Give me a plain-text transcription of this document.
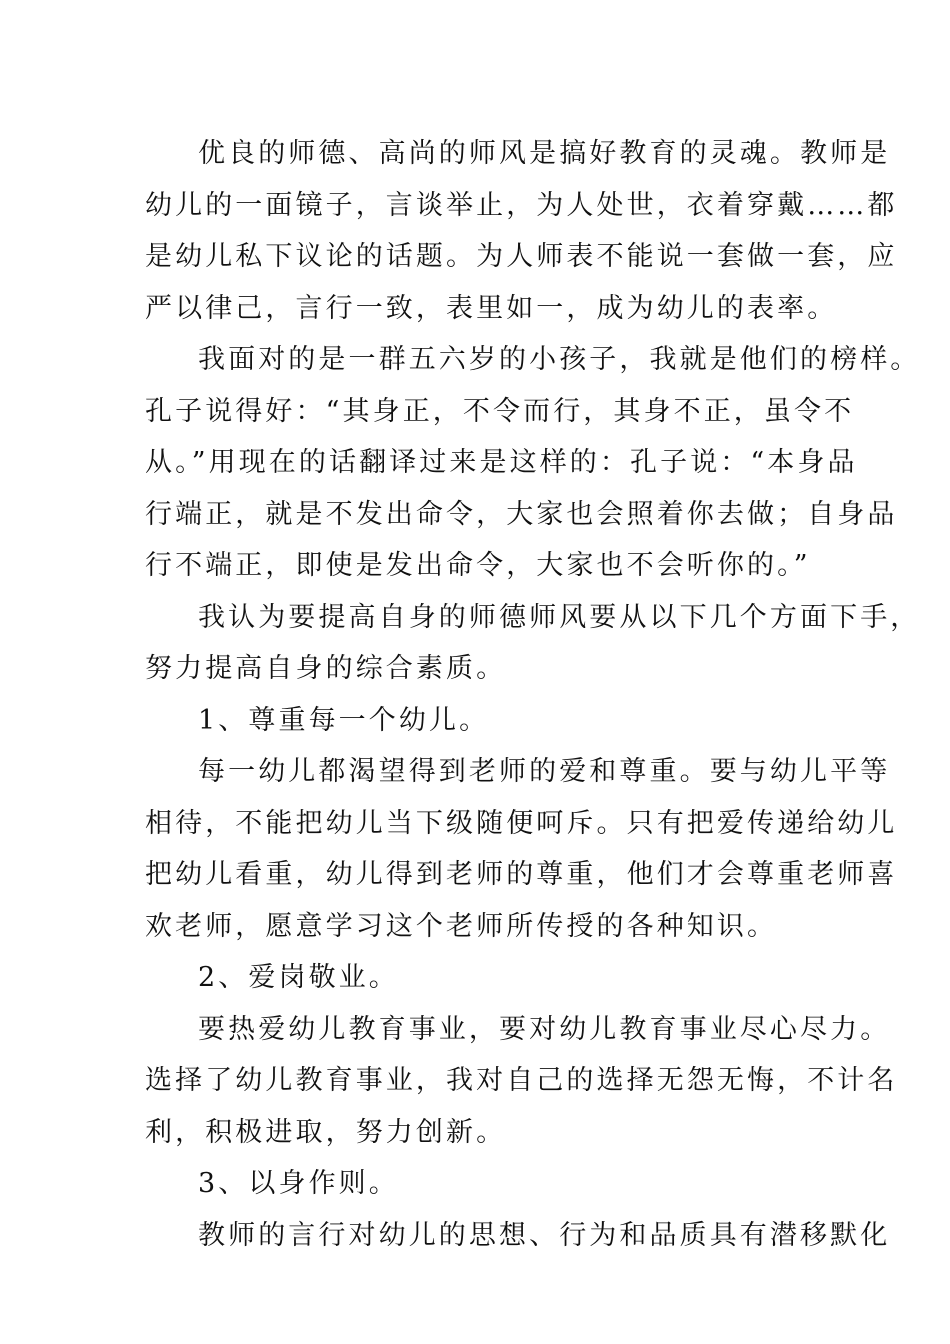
优良的师德、高尚的师风是搞好教育的灵魂。教师是
幼儿的一面镜子，言谈举止，为人处世，衣着穿戴……都
是幼儿私下议论的话题。为人师表不能说一套做一套，应
严以律己，言行一致，表里如一，成为幼儿的表率。
我面对的是一群五六岁的小孩子，我就是他们的榜样。
孔子说得好：“其身正，不令而行，其身不正，虽令不
从。”用现在的话翻译过来是这样的：孔子说：“本身品
行端正，就是不发出命令，大家也会照着你去做；自身品
行不端正，即使是发出命令，大家也不会听你的。”
我认为要提高自身的师德师风要从以下几个方面下手，
努力提高自身的综合素质。
1、尊重每一个幼儿。
每一幼儿都渴望得到老师的爱和尊重。要与幼儿平等
相待，不能把幼儿当下级随便呵斥。只有把爱传递给幼儿
把幼儿看重，幼儿得到老师的尊重，他们才会尊重老师喜
欢老师，愿意学习这个老师所传授的各种知识。
2、爱岗敬业。
要热爱幼儿教育事业，要对幼儿教育事业尽心尽力。
选择了幼儿教育事业，我对自己的选择无怨无悔，不计名
利，积极进取，努力创新。
3、以身作则。
教师的言行对幼儿的思想、行为和品质具有潜移默化
